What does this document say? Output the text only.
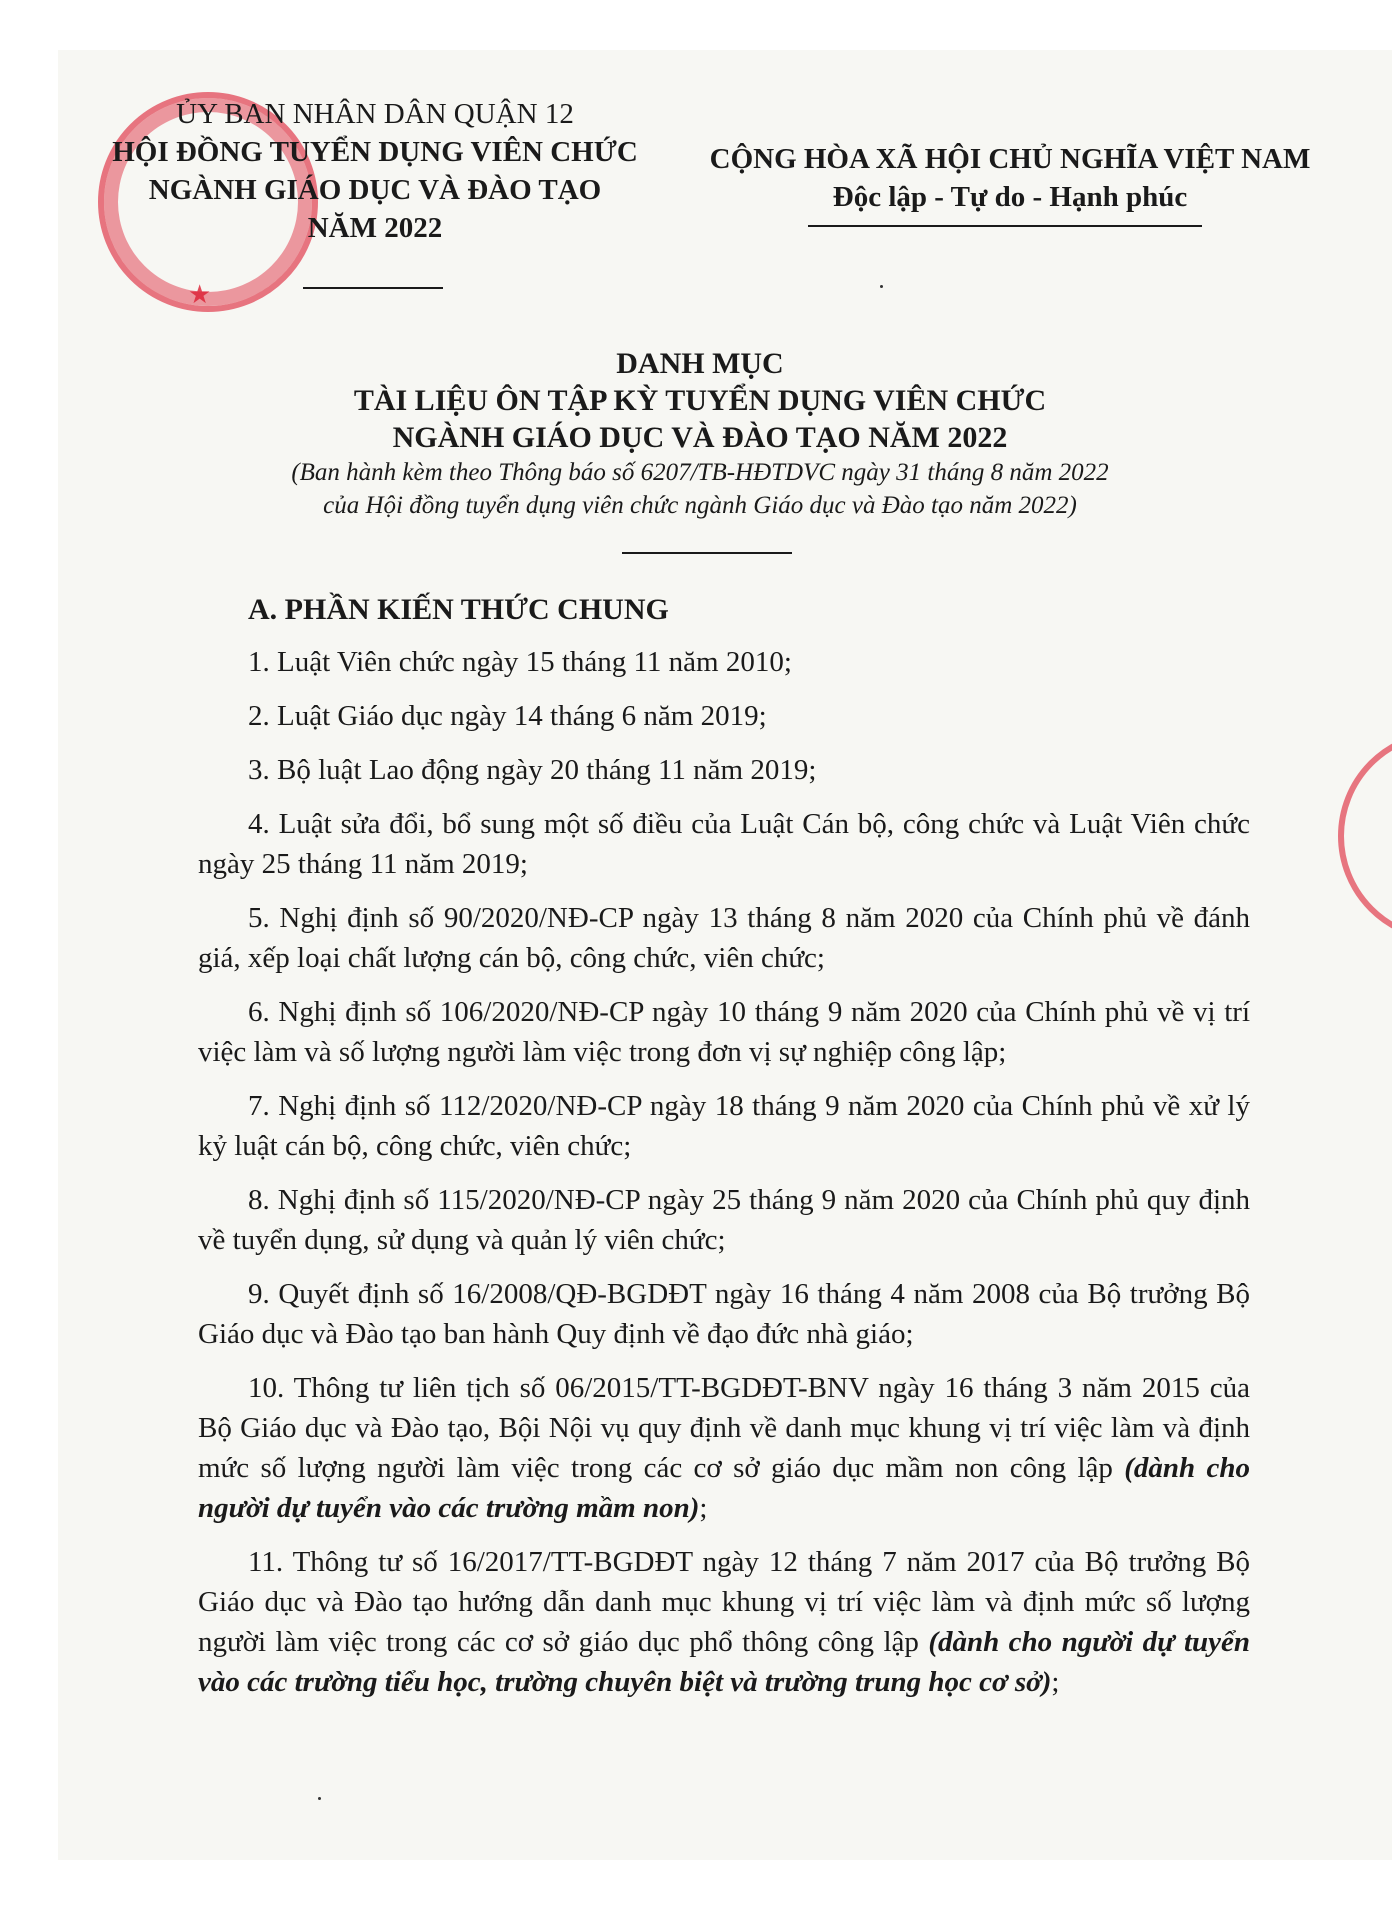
★
ỦY BAN NHÂN DÂN QUẬN 12
HỘI ĐỒNG TUYỂN DỤNG VIÊN CHỨC
NGÀNH GIÁO DỤC VÀ ĐÀO TẠO
NĂM 2022
CỘNG HÒA XÃ HỘI CHỦ NGHĨA VIỆT NAM
Độc lập - Tự do - Hạnh phúc

DANH MỤC

TÀI LIỆU ÔN TẬP KỲ TUYỂN DỤNG VIÊN CHỨC

NGÀNH GIÁO DỤC VÀ ĐÀO TẠO NĂM 2022

(Ban hành kèm theo Thông báo số 6207/TB-HĐTDVC ngày 31 tháng 8 năm 2022

của Hội đồng tuyển dụng viên chức ngành Giáo dục và Đào tạo năm 2022)

A. PHẦN KIẾN THỨC CHUNG

1. Luật Viên chức ngày 15 tháng 11 năm 2010;

2. Luật Giáo dục ngày 14 tháng 6 năm 2019;

3. Bộ luật Lao động ngày 20 tháng 11 năm 2019;

4. Luật sửa đổi, bổ sung một số điều của Luật Cán bộ, công chức và Luật Viên chức ngày 25 tháng 11 năm 2019;

5. Nghị định số 90/2020/NĐ-CP ngày 13 tháng 8 năm 2020 của Chính phủ về đánh giá, xếp loại chất lượng cán bộ, công chức, viên chức;

6. Nghị định số 106/2020/NĐ-CP ngày 10 tháng 9 năm 2020 của Chính phủ về vị trí việc làm và số lượng người làm việc trong đơn vị sự nghiệp công lập;

7. Nghị định số 112/2020/NĐ-CP ngày 18 tháng 9 năm 2020 của Chính phủ về xử lý kỷ luật cán bộ, công chức, viên chức;

8. Nghị định số 115/2020/NĐ-CP ngày 25 tháng 9 năm 2020 của Chính phủ quy định về tuyển dụng, sử dụng và quản lý viên chức;

9. Quyết định số 16/2008/QĐ-BGDĐT ngày 16 tháng 4 năm 2008 của Bộ trưởng Bộ Giáo dục và Đào tạo ban hành Quy định về đạo đức nhà giáo;

10. Thông tư liên tịch số 06/2015/TT-BGDĐT-BNV ngày 16 tháng 3 năm 2015 của Bộ Giáo dục và Đào tạo, Bội Nội vụ quy định về danh mục khung vị trí việc làm và định mức số lượng người làm việc trong các cơ sở giáo dục mầm non công lập (dành cho người dự tuyển vào các trường mầm non);

11. Thông tư số 16/2017/TT-BGDĐT ngày 12 tháng 7 năm 2017 của Bộ trưởng Bộ Giáo dục và Đào tạo hướng dẫn danh mục khung vị trí việc làm và định mức số lượng người làm việc trong các cơ sở giáo dục phổ thông công lập (dành cho người dự tuyển vào các trường tiểu học, trường chuyên biệt và trường trung học cơ sở);
